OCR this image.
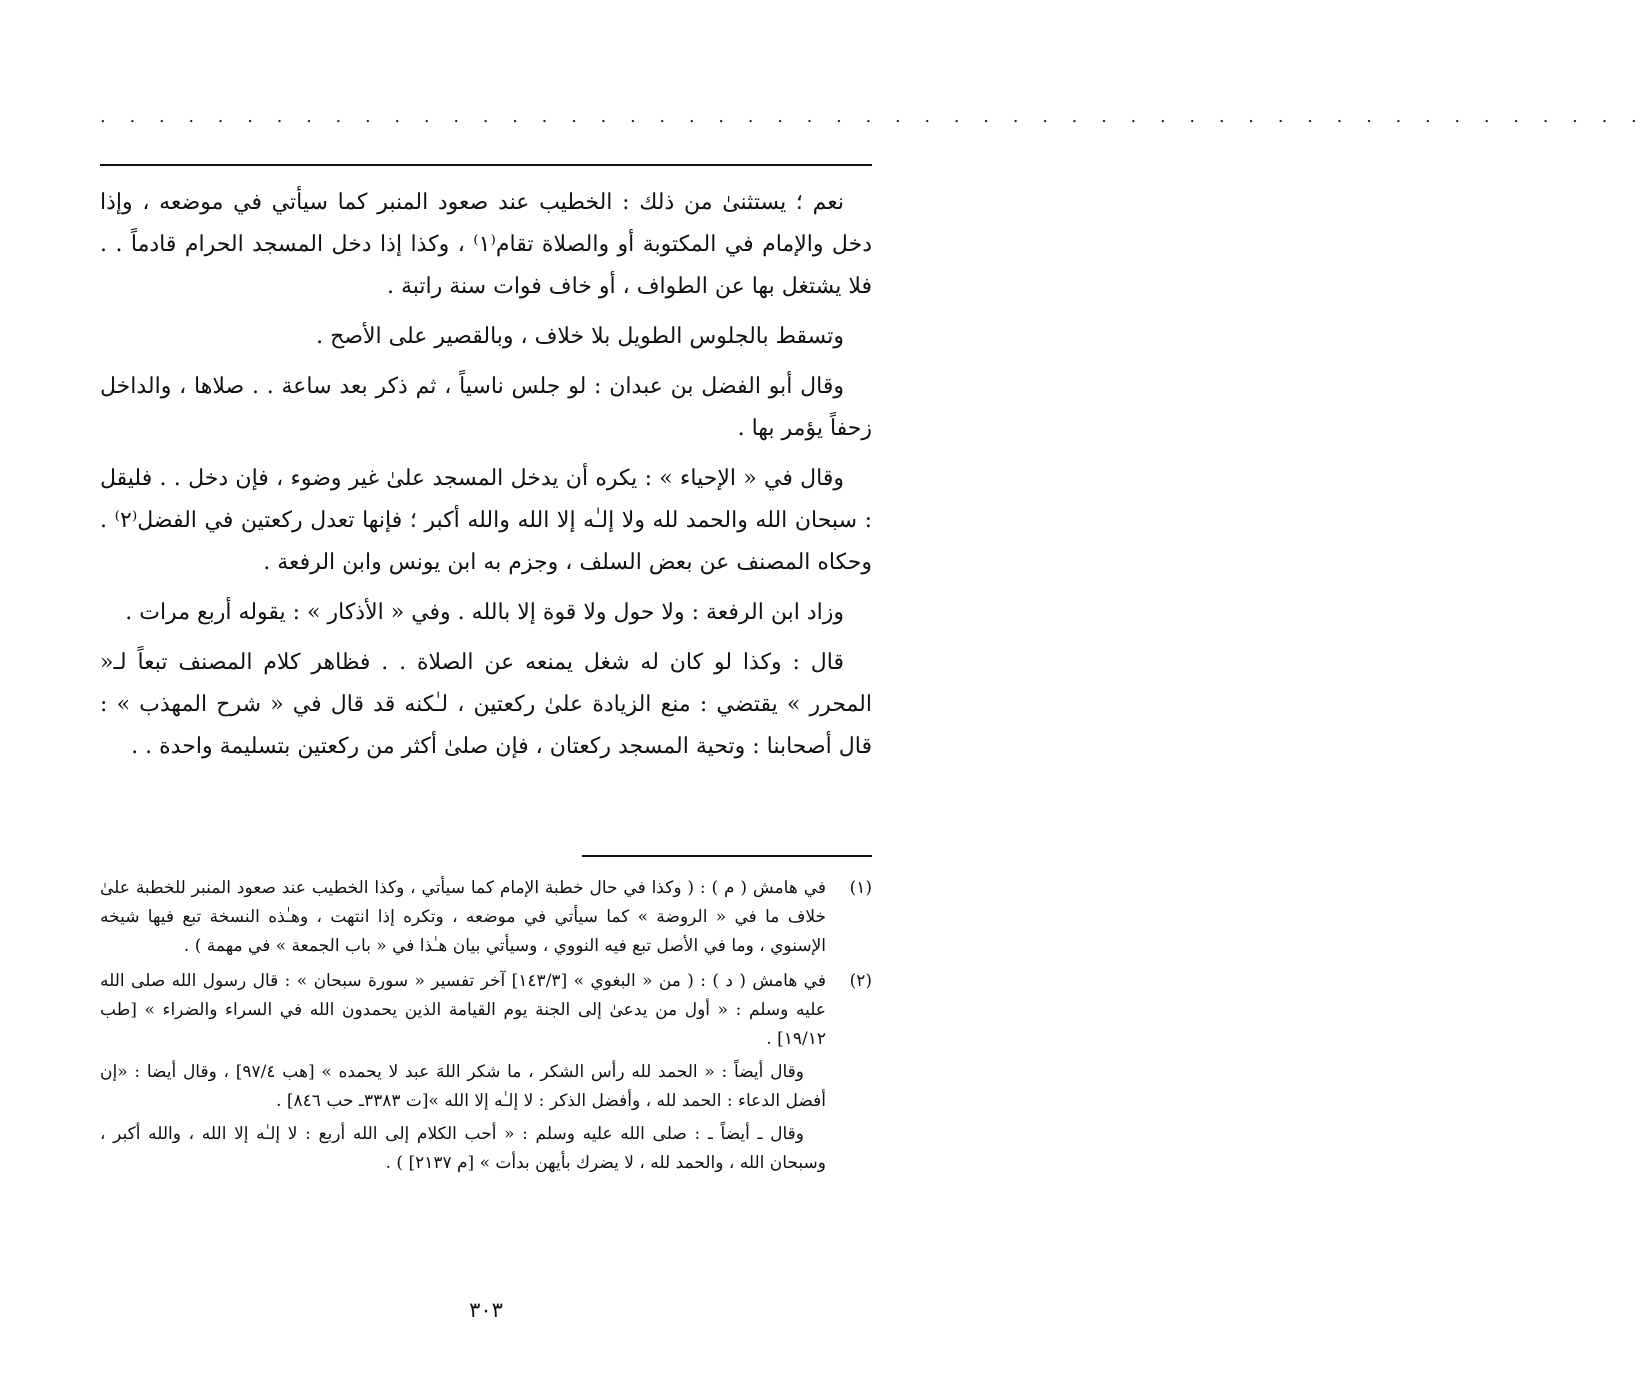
. . . . . . . . . . . . . . . . . . . . . . . . . . . . . . . . . . . . . . . . . . . . . . . . . . . . .

نعم ؛ يستثنىٰ من ذلك : الخطيب عند صعود المنبر كما سيأتي في موضعه ، وإذا دخل والإمام في المكتوبة أو والصلاة تقام⁽١⁾ ، وكذا إذا دخل المسجد الحرام قادماً . . فلا يشتغل بها عن الطواف ، أو خاف فوات سنة راتبة .

وتسقط بالجلوس الطويل بلا خلاف ، وبالقصير على الأصح .

وقال أبو الفضل بن عبدان : لو جلس ناسياً ، ثم ذكر بعد ساعة . . صلاها ، والداخل زحفاً يؤمر بها .

وقال في « الإحياء » : يكره أن يدخل المسجد علىٰ غير وضوء ، فإن دخل . . فليقل : سبحان الله والحمد لله ولا إلـٰه إلا الله والله أكبر ؛ فإنها تعدل ركعتين في الفضل⁽٢⁾ . وحكاه المصنف عن بعض السلف ، وجزم به ابن يونس وابن الرفعة .

وزاد ابن الرفعة : ولا حول ولا قوة إلا بالله . وفي « الأذكار » : يقوله أربع مرات .

قال : وكذا لو كان له شغل يمنعه عن الصلاة . . فظاهر كلام المصنف تبعاً لـ« المحرر » يقتضي : منع الزيادة علىٰ ركعتين ، لـٰكنه قد قال في « شرح المهذب » : قال أصحابنا : وتحية المسجد ركعتان ، فإن صلىٰ أكثر من ركعتين بتسليمة واحدة . .

(١)

في هامش ( م ) : ( وكذا في حال خطبة الإمام كما سيأتي ، وكذا الخطيب عند صعود المنبر للخطبة علىٰ خلاف ما في « الروضة » كما سيأتي في موضعه ، وتكره إذا انتهت ، وهـٰذه النسخة تبع فيها شيخه الإسنوي ، وما في الأصل تبع فيه النووي ، وسيأتي بيان هـٰذا في « باب الجمعة » في مهمة ) .

(٢)

في هامش ( د ) : ( من « البغوي » [١٤٣/٣] آخر تفسير « سورة سبحان » : قال رسول الله صلى الله عليه وسلم : « أول من يدعىٰ إلى الجنة يوم القيامة الذين يحمدون الله في السراء والضراء » [طب ١٩/١٢] .

وقال أيضاً : « الحمد لله رأس الشكر ، ما شكر اللهَ عبد لا يحمده » [هب ٩٧/٤] ، وقال أيضا : «إن أفضل الدعاء : الحمد لله ، وأفضل الذكر : لا إلـٰه إلا الله »[ت ٣٣٨٣ـ حب ٨٤٦] .

وقال ـ أيضاً ـ : صلى الله عليه وسلم : « أحب الكلام إلى الله أربع : لا إلـٰه إلا الله ، والله أكبر ، وسبحان الله ، والحمد لله ، لا يضرك بأيهن بدأت » [م ٢١٣٧] ) .

٣٠٣
